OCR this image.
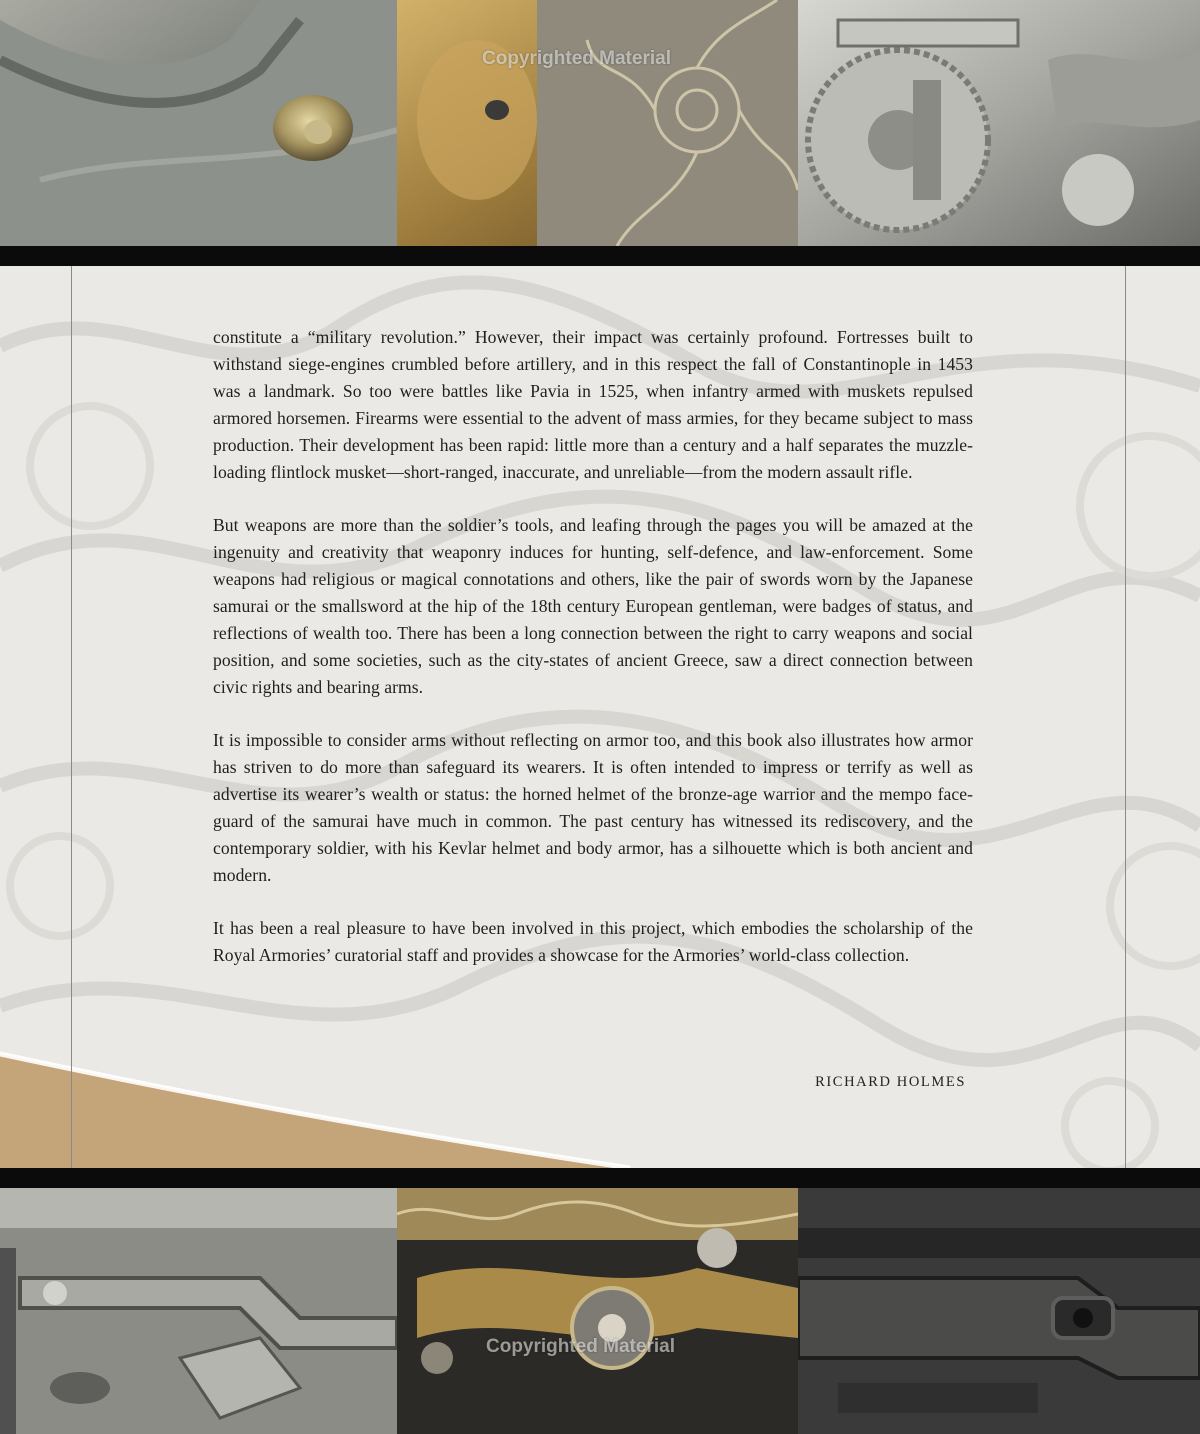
Copyrighted Material

constitute a “military revolution.” However, their impact was certainly profound. Fortresses built to withstand siege-engines crumbled before artillery, and in this respect the fall of Constantinople in 1453 was a landmark. So too were battles like Pavia in 1525, when infantry armed with muskets repulsed armored horsemen. Firearms were essential to the advent of mass armies, for they became subject to mass production. Their development has been rapid: little more than a century and a half separates the muzzle-loading flintlock musket—short-ranged, inaccurate, and unreliable—from the modern assault rifle.

But weapons are more than the soldier’s tools, and leafing through the pages you will be amazed at the ingenuity and creativity that weaponry induces for hunting, self-defence, and law-enforcement. Some weapons had religious or magical connotations and others, like the pair of swords worn by the Japanese samurai or the smallsword at the hip of the 18th century European gentleman, were badges of status, and reflections of wealth too. There has been a long connection between the right to carry weapons and social position, and some societies, such as the city-states of ancient Greece, saw a direct connection between civic rights and bearing arms.

It is impossible to consider arms without reflecting on armor too, and this book also illustrates how armor has striven to do more than safeguard its wearers. It is often intended to impress or terrify as well as advertise its wearer’s wealth or status: the horned helmet of the bronze-age warrior and the mempo face-guard of the samurai have much in common. The past century has witnessed its rediscovery, and the contemporary soldier, with his Kevlar helmet and body armor, has a silhouette which is both ancient and modern.

It has been a real pleasure to have been involved in this project, which embodies the scholarship of the Royal Armories’ curatorial staff and provides a showcase for the Armories’ world-class collection.

RICHARD HOLMES
Copyrighted Material
